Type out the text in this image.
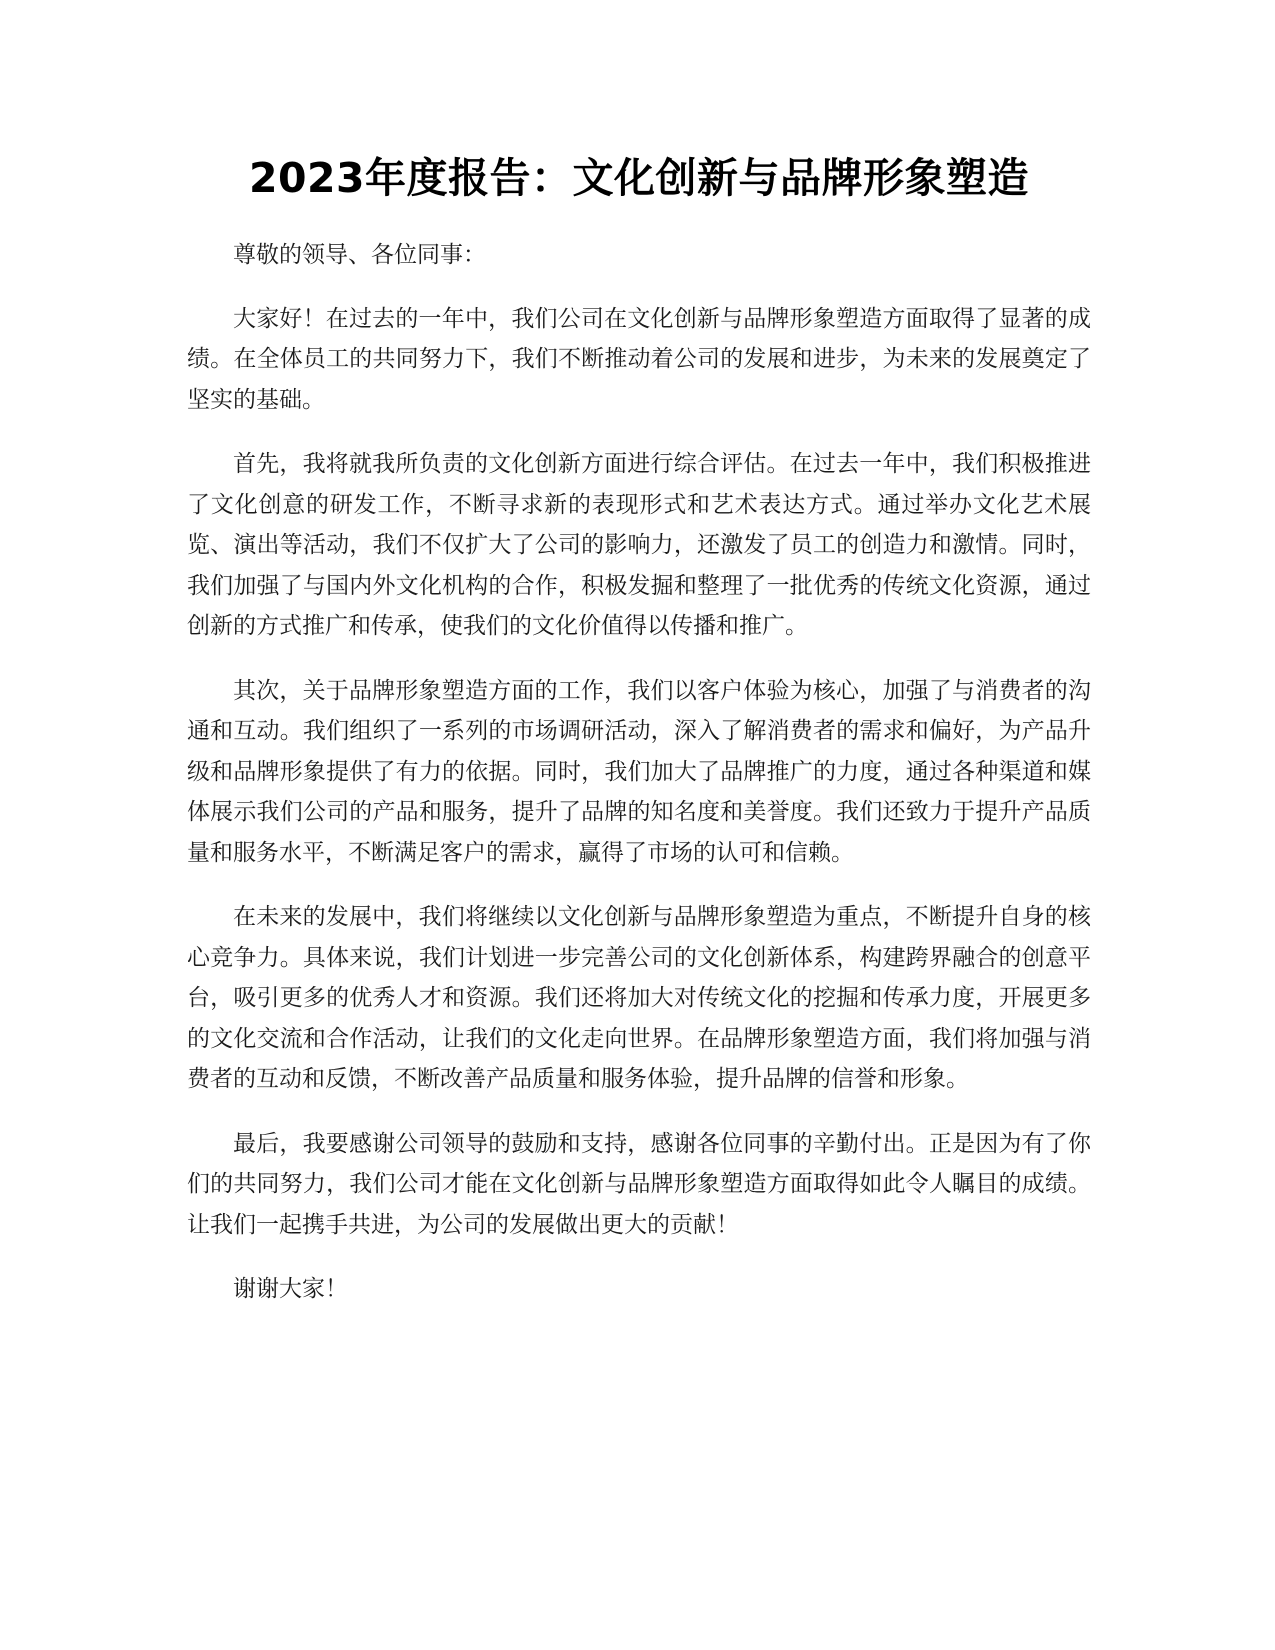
2023年度报告：文化创新与品牌形象塑造

尊敬的领导、各位同事：

大家好！在过去的一年中，我们公司在文化创新与品牌形象塑造方面取得了显著的成绩。在全体员工的共同努力下，我们不断推动着公司的发展和进步，为未来的发展奠定了坚实的基础。

首先，我将就我所负责的文化创新方面进行综合评估。在过去一年中，我们积极推进了文化创意的研发工作，不断寻求新的表现形式和艺术表达方式。通过举办文化艺术展览、演出等活动，我们不仅扩大了公司的影响力，还激发了员工的创造力和激情。同时，我们加强了与国内外文化机构的合作，积极发掘和整理了一批优秀的传统文化资源，通过创新的方式推广和传承，使我们的文化价值得以传播和推广。

其次，关于品牌形象塑造方面的工作，我们以客户体验为核心，加强了与消费者的沟通和互动。我们组织了一系列的市场调研活动，深入了解消费者的需求和偏好，为产品升级和品牌形象提供了有力的依据。同时，我们加大了品牌推广的力度，通过各种渠道和媒体展示我们公司的产品和服务，提升了品牌的知名度和美誉度。我们还致力于提升产品质量和服务水平，不断满足客户的需求，赢得了市场的认可和信赖。

在未来的发展中，我们将继续以文化创新与品牌形象塑造为重点，不断提升自身的核心竞争力。具体来说，我们计划进一步完善公司的文化创新体系，构建跨界融合的创意平台，吸引更多的优秀人才和资源。我们还将加大对传统文化的挖掘和传承力度，开展更多的文化交流和合作活动，让我们的文化走向世界。在品牌形象塑造方面，我们将加强与消费者的互动和反馈，不断改善产品质量和服务体验，提升品牌的信誉和形象。

最后，我要感谢公司领导的鼓励和支持，感谢各位同事的辛勤付出。正是因为有了你们的共同努力，我们公司才能在文化创新与品牌形象塑造方面取得如此令人瞩目的成绩。让我们一起携手共进，为公司的发展做出更大的贡献！

谢谢大家！
